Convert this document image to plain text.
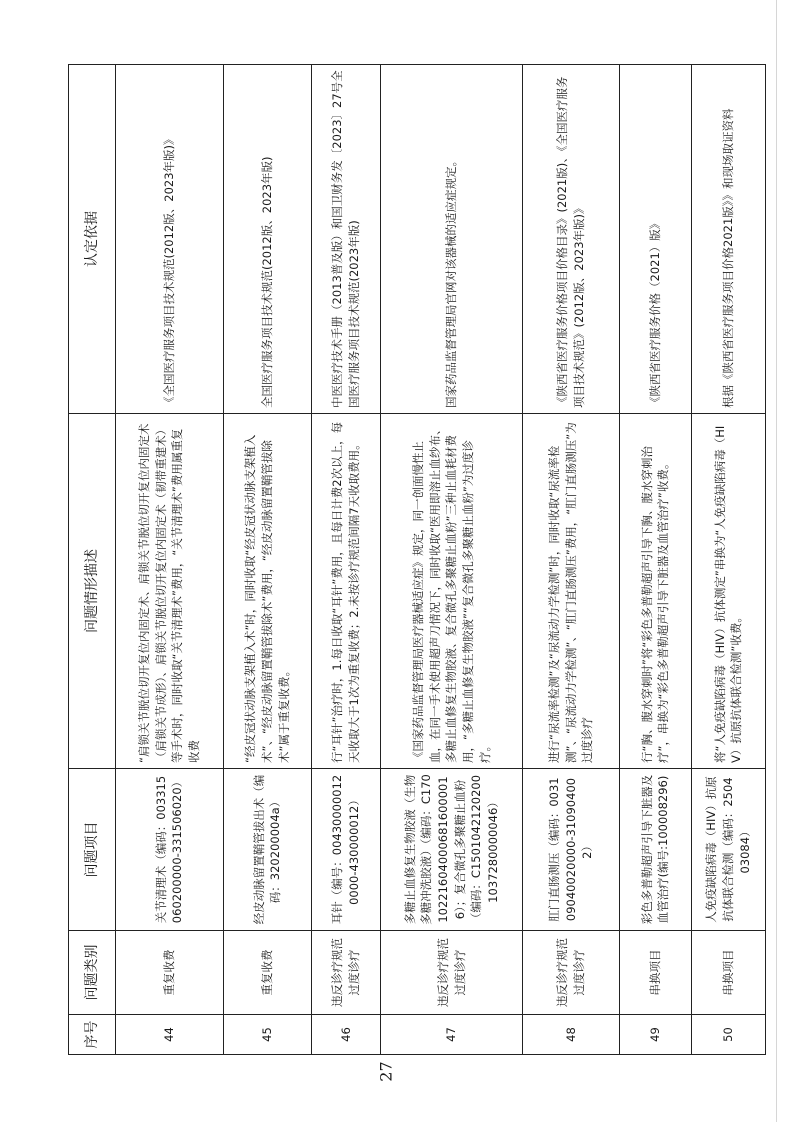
序号	问题类别	问题项目	问题情形描述	认定依据
44	重复收费	关节清理术（编码：003315060200000-331506020）	“肩锁关节脱位切开复位内固定术、肩锁关节脱位切开复位内固定术（肩锁关节成形）、肩锁关节脱位切开复位内固定术（韧带重建术）等手术时，同时收取“关节清理术”费用，“关节清理术”费用属重复收费	《全国医疗服务项目技术规范(2012版、2023年版)》
45	重复收费	经皮动脉留置鞘管拔出术（编码：320200004a）	“经皮冠状动脉支架植入术”时，同时收取“经皮冠状动脉支架植入术”、“经皮动脉留置鞘管拔除术”费用，“经皮动脉留置鞘管拔除术”属于重复收费。	全国医疗服务项目技术规范(2012版、2023年版)
46	违反诊疗规范过度诊疗	耳针（编号：004300000120000-430000012）	行“耳针”治疗时，1.每日收取“耳针”费用，且每日计费2次以上，每天收取大于1次为重复收费；2.未按诊疗规范间隔7天收取费用。	中医医疗技术手册（2013普及版）和国卫财务发〔2023〕27号全国医疗服务项目技术规范(2023年版)
47	违反诊疗规范过度诊疗	多糖止血修复生物胶液（生物多糖冲洗胶液）（编码：C17010221604000681600001 6）；复合微孔多聚糖止血粉（编码：C15010421202001037280000046）	《国家药品监督管理局医疗器械适应症》规定，同一创面慢性止血，在同一手术使用超声刀情况下，同时收取“医用即溶止血纱布、多糖止血修复生物胶液、复合微孔多聚糖止血粉”三种止血耗材费用，“多糖止血修复生物胶液”“复合微孔多聚糖止血粉”为过度诊疗。	国家药品监督管理局官网对该器械的适应症规定。
48	违反诊疗规范过度诊疗	肛门直肠测压（编码：003109040020000-310904002）	进行“尿流率检测”及“尿流动力学检测”时，同时收取“尿流率检测”、“尿流动力学检测”、“肛门直肠测压”费用，“肛门直肠测压”为过度诊疗	《陕西省医疗服务价格项目价格目录》(2021版)、《全国医疗服务项目技术规范》(2012版、2023年版)》
49	串换项目	彩色多普勒超声引导下脏器及血管治疗(编号:100008296)	行“胸、腹水穿刺时”将“彩色多普勒超声引导下胸、腹水穿刺治疗”，串换为“彩色多普勒超声引导下脏器及血管治疗”收费。	《陕西省医疗服务价格（2021）版》
50	串换项目	人免疫缺陷病毒（HIV）抗原抗体联合检测（编码：250403084）	将“人免疫缺陷病毒（HIV）抗体测定”串换为“人免疫缺陷病毒（HIV）抗原抗体联合检测”收费。	根据《陕西省医疗服务项目价格2021版》》和现场取证资料
27
